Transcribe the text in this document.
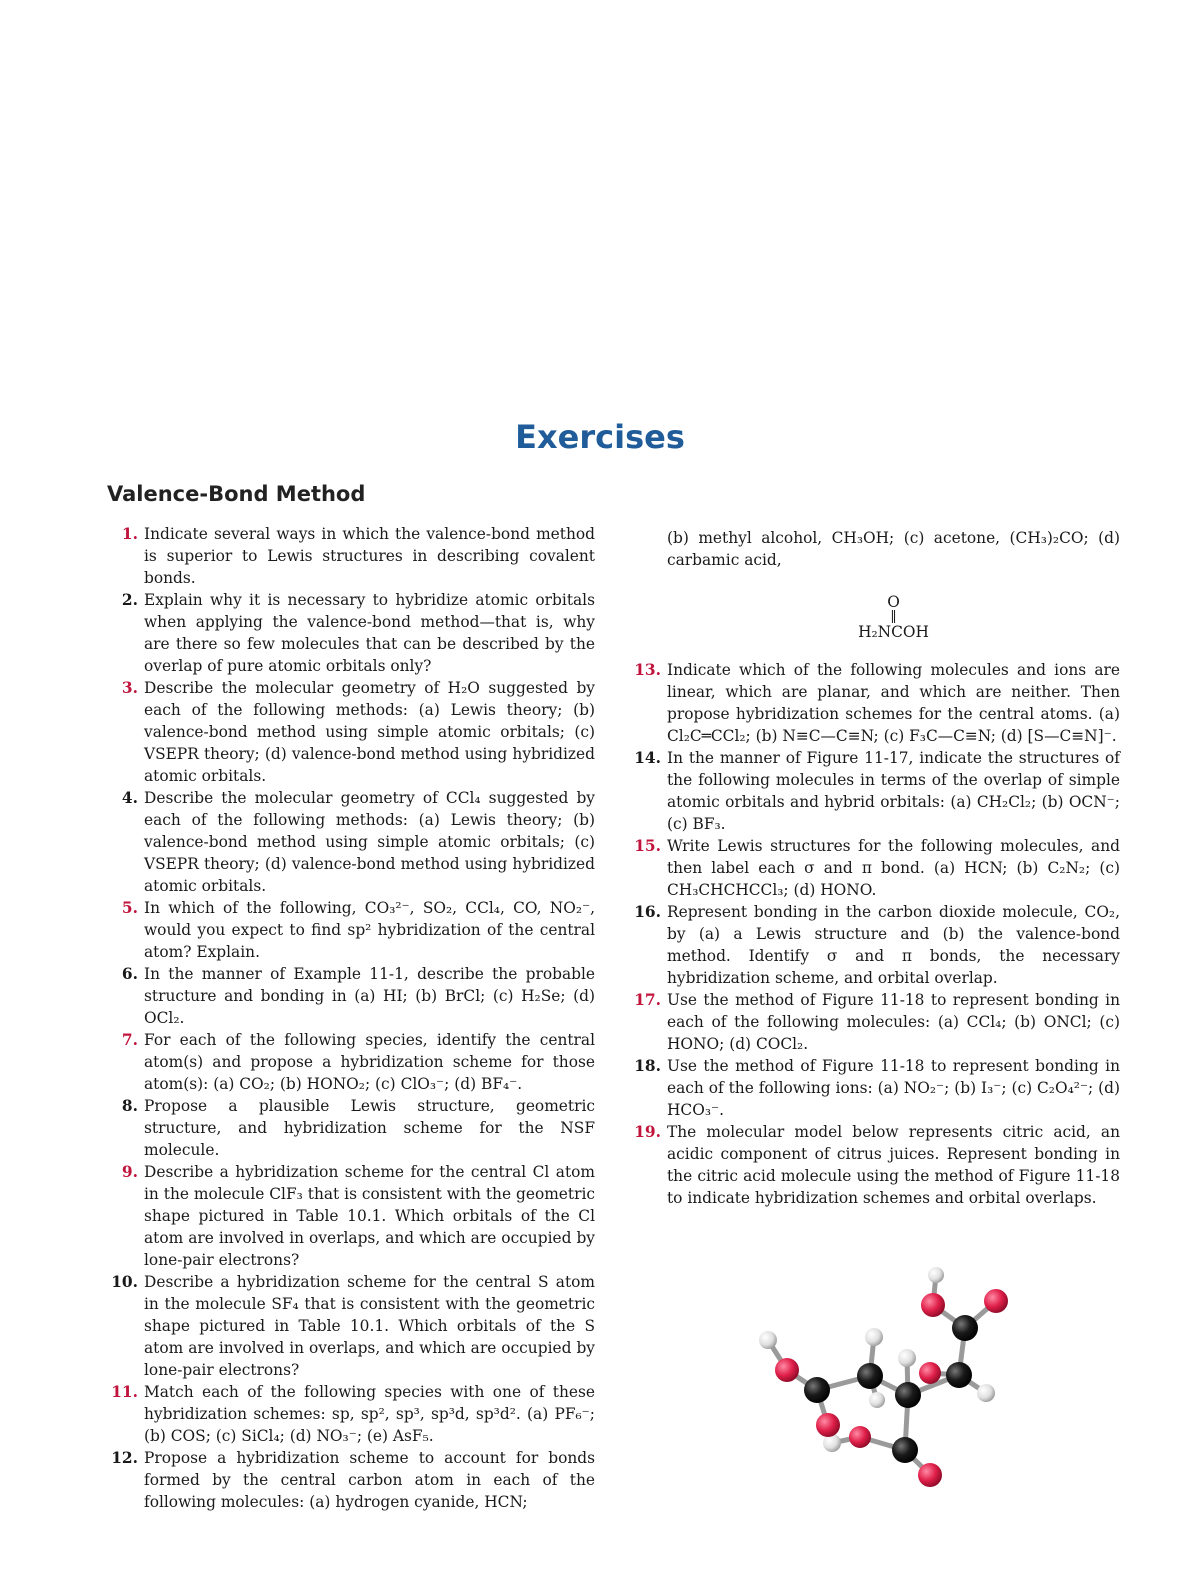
Exercises
Valence-Bond Method
1. Indicate several ways in which the valence-bond method is superior to Lewis structures in describing covalent bonds.
2. Explain why it is necessary to hybridize atomic orbitals when applying the valence-bond method—that is, why are there so few molecules that can be described by the overlap of pure atomic orbitals only?
3. Describe the molecular geometry of H₂O suggested by each of the following methods: (a) Lewis theory; (b) valence-bond method using simple atomic orbitals; (c) VSEPR theory; (d) valence-bond method using hybridized atomic orbitals.
4. Describe the molecular geometry of CCl₄ suggested by each of the following methods: (a) Lewis theory; (b) valence-bond method using simple atomic orbitals; (c) VSEPR theory; (d) valence-bond method using hybridized atomic orbitals.
5. In which of the following, CO₃²⁻, SO₂, CCl₄, CO, NO₂⁻, would you expect to find sp² hybridization of the central atom? Explain.
6. In the manner of Example 11-1, describe the probable structure and bonding in (a) HI; (b) BrCl; (c) H₂Se; (d) OCl₂.
7. For each of the following species, identify the central atom(s) and propose a hybridization scheme for those atom(s): (a) CO₂; (b) HONO₂; (c) ClO₃⁻; (d) BF₄⁻.
8. Propose a plausible Lewis structure, geometric structure, and hybridization scheme for the NSF molecule.
9. Describe a hybridization scheme for the central Cl atom in the molecule ClF₃ that is consistent with the geometric shape pictured in Table 10.1. Which orbitals of the Cl atom are involved in overlaps, and which are occupied by lone-pair electrons?
10. Describe a hybridization scheme for the central S atom in the molecule SF₄ that is consistent with the geometric shape pictured in Table 10.1. Which orbitals of the S atom are involved in overlaps, and which are occupied by lone-pair electrons?
11. Match each of the following species with one of these hybridization schemes: sp, sp², sp³, sp³d, sp³d². (a) PF₆⁻; (b) COS; (c) SiCl₄; (d) NO₃⁻; (e) AsF₅.
12. Propose a hybridization scheme to account for bonds formed by the central carbon atom in each of the following molecules: (a) hydrogen cyanide, HCN;
(b) methyl alcohol, CH₃OH; (c) acetone, (CH₃)₂CO; (d) carbamic acid,
O
‖
H₂NCOH
13. Indicate which of the following molecules and ions are linear, which are planar, and which are neither. Then propose hybridization schemes for the central atoms. (a) Cl₂C═CCl₂; (b) N≡C—C≡N; (c) F₃C—C≡N; (d) [S—C≡N]⁻.
14. In the manner of Figure 11-17, indicate the structures of the following molecules in terms of the overlap of simple atomic orbitals and hybrid orbitals: (a) CH₂Cl₂; (b) OCN⁻; (c) BF₃.
15. Write Lewis structures for the following molecules, and then label each σ and π bond. (a) HCN; (b) C₂N₂; (c) CH₃CHCHCCl₃; (d) HONO.
16. Represent bonding in the carbon dioxide molecule, CO₂, by (a) a Lewis structure and (b) the valence-bond method. Identify σ and π bonds, the necessary hybridization scheme, and orbital overlap.
17. Use the method of Figure 11-18 to represent bonding in each of the following molecules: (a) CCl₄; (b) ONCl; (c) HONO; (d) COCl₂.
18. Use the method of Figure 11-18 to represent bonding in each of the following ions: (a) NO₂⁻; (b) I₃⁻; (c) C₂O₄²⁻; (d) HCO₃⁻.
19. The molecular model below represents citric acid, an acidic component of citrus juices. Represent bonding in the citric acid molecule using the method of Figure 11-18 to indicate hybridization schemes and orbital overlaps.
